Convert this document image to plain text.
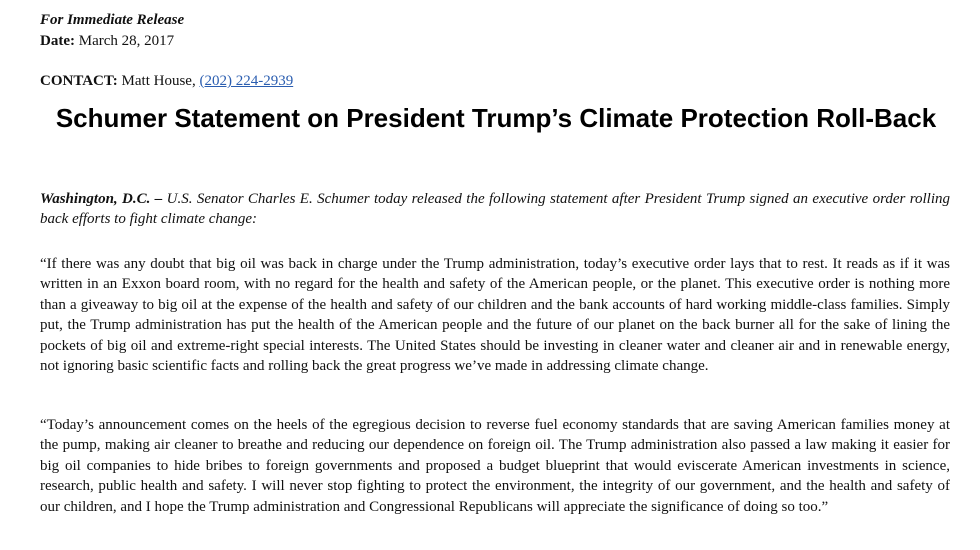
For Immediate Release

Date: March 28, 2017

CONTACT: Matt House, (202) 224-2939

Schumer Statement on President Trump’s Climate Protection Roll-Back

Washington, D.C. – U.S. Senator Charles E. Schumer today released the following statement after President Trump signed an executive order rolling back efforts to fight climate change:

“If there was any doubt that big oil was back in charge under the Trump administration, today’s executive order lays that to rest. It reads as if it was written in an Exxon board room, with no regard for the health and safety of the American people, or the planet. This executive order is nothing more than a giveaway to big oil at the expense of the health and safety of our children and the bank accounts of hard working middle-class families. Simply put, the Trump administration has put the health of the American people and the future of our planet on the back burner all for the sake of lining the pockets of big oil and extreme-right special interests. The United States should be investing in cleaner water and cleaner air and in renewable energy, not ignoring basic scientific facts and rolling back the great progress we’ve made in addressing climate change.

“Today’s announcement comes on the heels of the egregious decision to reverse fuel economy standards that are saving American families money at the pump, making air cleaner to breathe and reducing our dependence on foreign oil. The Trump administration also passed a law making it easier for big oil companies to hide bribes to foreign governments and proposed a budget blueprint that would eviscerate American investments in science, research, public health and safety. I will never stop fighting to protect the environment, the integrity of our government, and the health and safety of our children, and I hope the Trump administration and Congressional Republicans will appreciate the significance of doing so too.”
